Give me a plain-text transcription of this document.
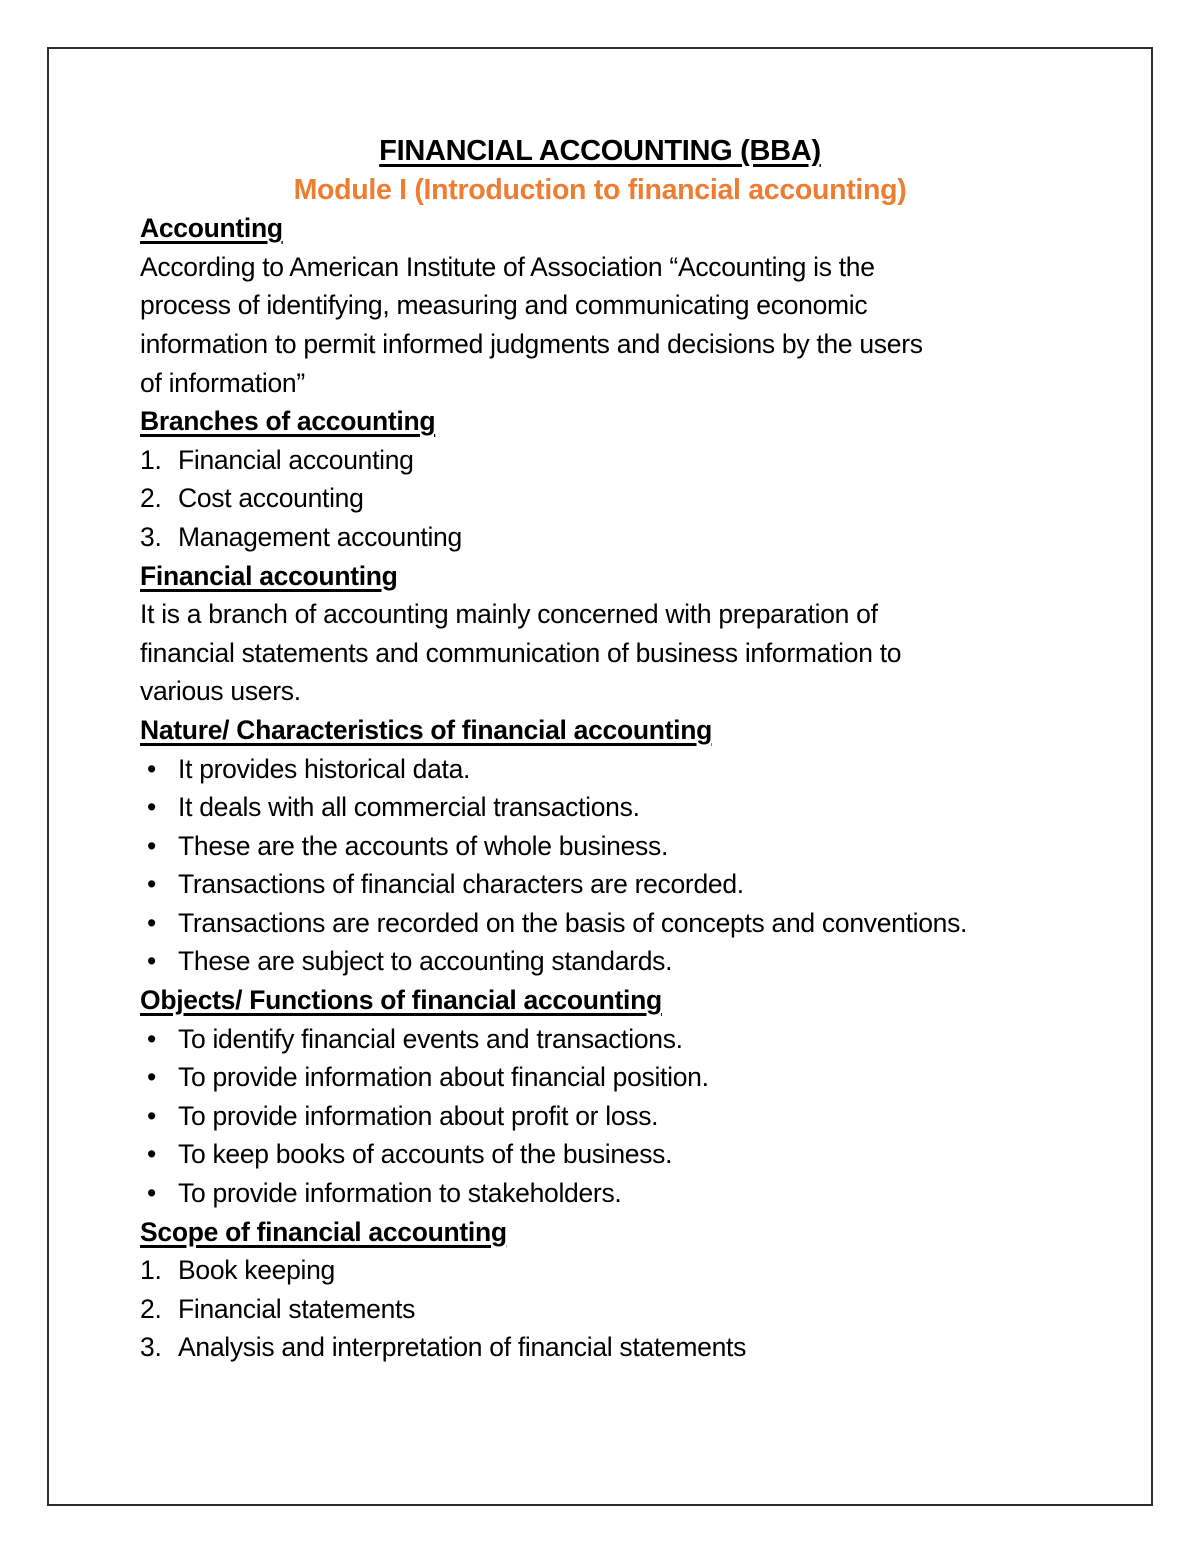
FINANCIAL ACCOUNTING (BBA)
Module I (Introduction to financial accounting)
Accounting
According to American Institute of Association “Accounting is the
process of identifying, measuring and communicating economic
information to permit informed judgments and decisions by the users
of information”
Branches of accounting
1. Financial accounting
2. Cost accounting
3. Management accounting
Financial accounting
It is a branch of accounting mainly concerned with preparation of
financial statements and communication of business information to
various users.
Nature/ Characteristics of financial accounting
• It provides historical data.
• It deals with all commercial transactions.
• These are the accounts of whole business.
• Transactions of financial characters are recorded.
• Transactions are recorded on the basis of concepts and conventions.
• These are subject to accounting standards.
Objects/ Functions of financial accounting
• To identify financial events and transactions.
• To provide information about financial position.
• To provide information about profit or loss.
• To keep books of accounts of the business.
• To provide information to stakeholders.
Scope of financial accounting
1. Book keeping
2. Financial statements
3. Analysis and interpretation of financial statements
